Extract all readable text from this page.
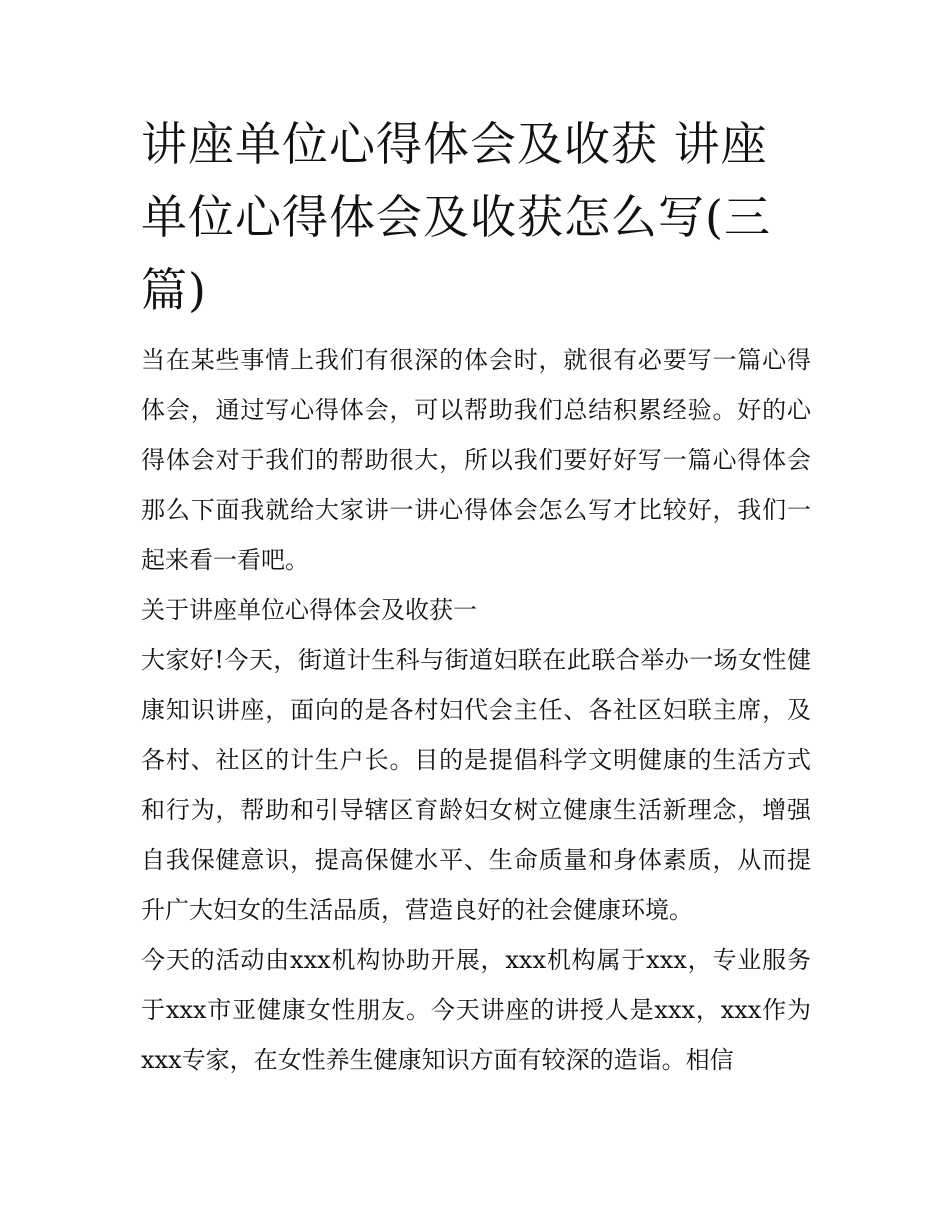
讲座单位心得体会及收获 讲座单位心得体会及收获怎么写(三篇)

当在某些事情上我们有很深的体会时，就很有必要写一篇心得体会，通过写心得体会，可以帮助我们总结积累经验。好的心得体会对于我们的帮助很大，所以我们要好好写一篇心得体会那么下面我就给大家讲一讲心得体会怎么写才比较好，我们一起来看一看吧。

关于讲座单位心得体会及收获一

大家好!今天，街道计生科与街道妇联在此联合举办一场女性健康知识讲座，面向的是各村妇代会主任、各社区妇联主席，及各村、社区的计生户长。目的是提倡科学文明健康的生活方式和行为，帮助和引导辖区育龄妇女树立健康生活新理念，增强自我保健意识，提高保健水平、生命质量和身体素质，从而提升广大妇女的生活品质，营造良好的社会健康环境。

今天的活动由xxx机构协助开展，xxx机构属于xxx，专业服务于xxx市亚健康女性朋友。今天讲座的讲授人是xxx，xxx作为xxx专家，在女性养生健康知识方面有较深的造诣。相信
